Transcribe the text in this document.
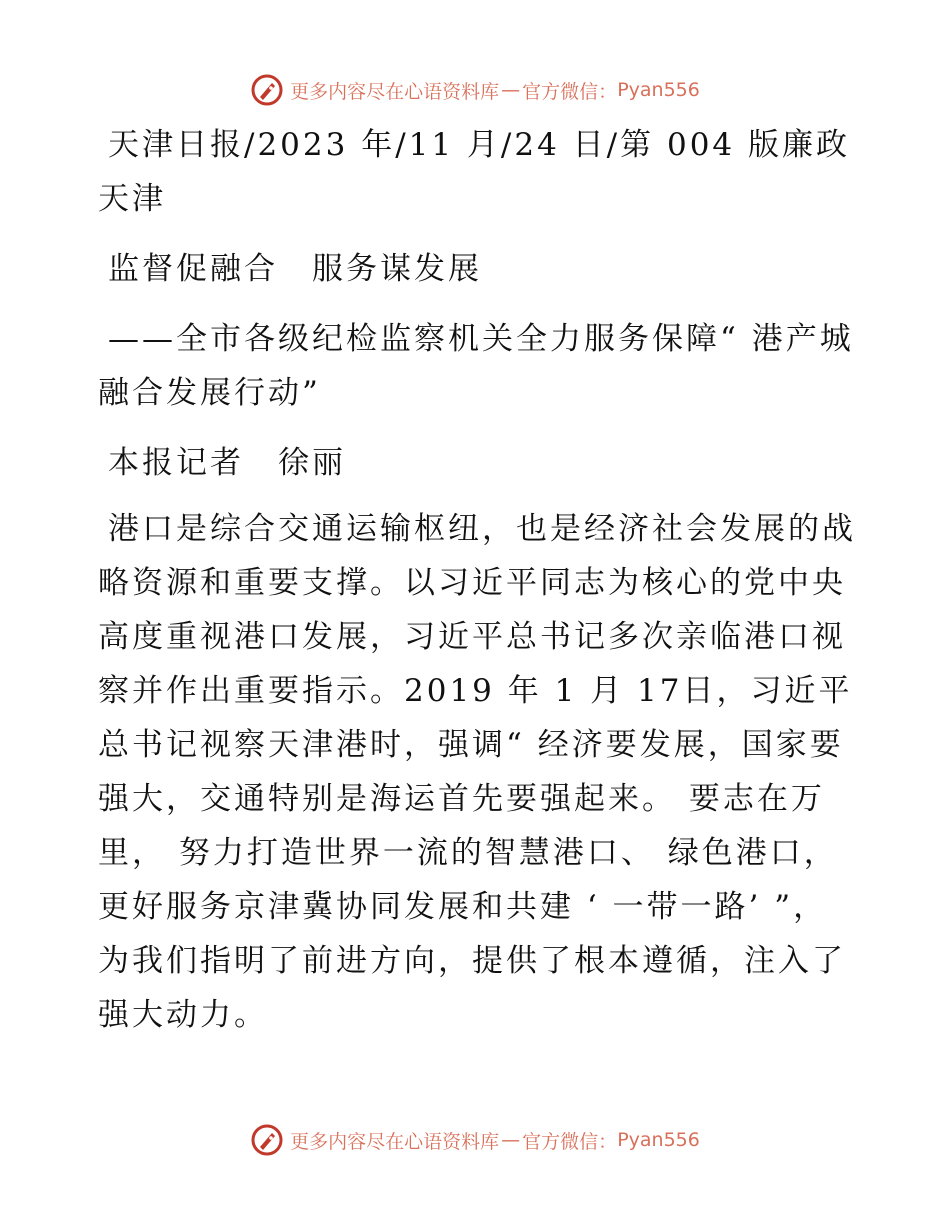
更多内容尽在心语资料库 — 官方微信： Pyan556

天津日报/2023 年/11 月/24 日/第 004 版廉政天津

监督促融合　服务谋发展

——全市各级纪检监察机关全力服务保障“ 港产城融合发展行动”

本报记者　徐丽

港口是综合交通运输枢纽，也是经济社会发展的战略资源和重要支撑。以习近平同志为核心的党中央高度重视港口发展，习近平总书记多次亲临港口视察并作出重要指示。2019 年 1 月 17日，习近平总书记视察天津港时，强调“ 经济要发展，国家要强大，交通特别是海运首先要强起来。 要志在万里， 努力打造世界一流的智慧港口、 绿色港口， 更好服务京津冀协同发展和共建 ‘ 一带一路’ ”，为我们指明了前进方向，提供了根本遵循，注入了强大动力。

更多内容尽在心语资料库 — 官方微信： Pyan556
